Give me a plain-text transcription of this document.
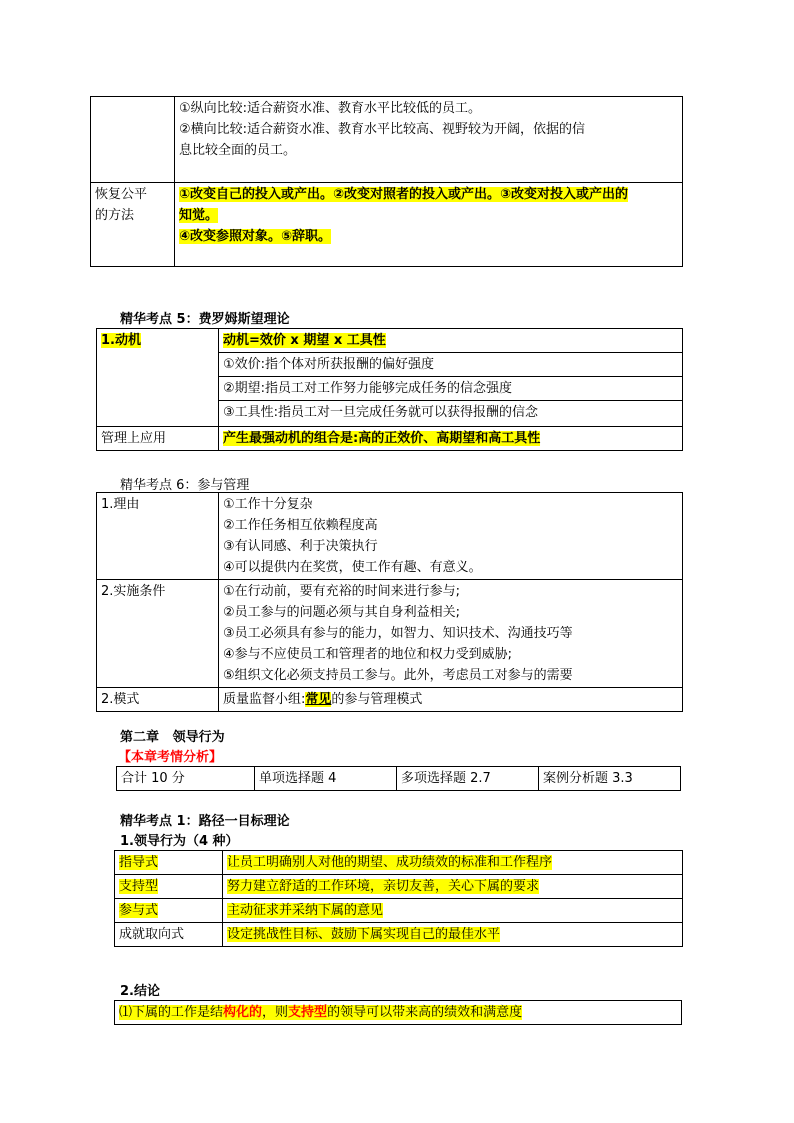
	①纵向比较:适合薪资水准、教育水平比较低的员工。
②横向比较:适合薪资水准、教育水平比较高、视野较为开阔，依据的信
息比较全面的员工。

恢复公平
的方法	①改变自己的投入或产出。②改变对照者的投入或产出。③改变对投入或产出的
知觉。
④改变参照对象。⑤辞职。
精华考点 5：费罗姆斯望理论
1.动机	动机=效价 x 期望 x 工具性
	①效价:指个体对所获报酬的偏好强度
	②期望:指员工对工作努力能够完成任务的信念强度
	③工具性:指员工对一旦完成任务就可以获得报酬的信念
管理上应用	产生最强动机的组合是:高的正效价、高期望和高工具性
精华考点 6：参与管理
1.理由	①工作十分复杂
②工作任务相互依赖程度高
③有认同感、利于决策执行
④可以提供内在奖赏，使工作有趣、有意义。

2.实施条件	①在行动前，要有充裕的时间来进行参与;
②员工参与的问题必须与其自身利益相关;
③员工必须具有参与的能力，如智力、知识技术、沟通技巧等
④参与不应使员工和管理者的地位和权力受到威胁;
⑤组织文化必须支持员工参与。此外，考虑员工对参与的需要

2.模式	质量监督小组:常见的参与管理模式
第二章   领导行为
【本章考情分析】
合计 10 分	单项选择题 4	多项选择题 2.7	案例分析题 3.3
精华考点 1：路径一目标理论
1.领导行为（4 种）
指导式	让员工明确别人对他的期望、成功绩效的标准和工作程序
支持型	努力建立舒适的工作环境，亲切友善，关心下属的要求
参与式	主动征求并采纳下属的意见
成就取向式	设定挑战性目标、鼓励下属实现自己的最佳水平
2.结论
⑴下属的工作是结构化的，则支持型的领导可以带来高的绩效和满意度
